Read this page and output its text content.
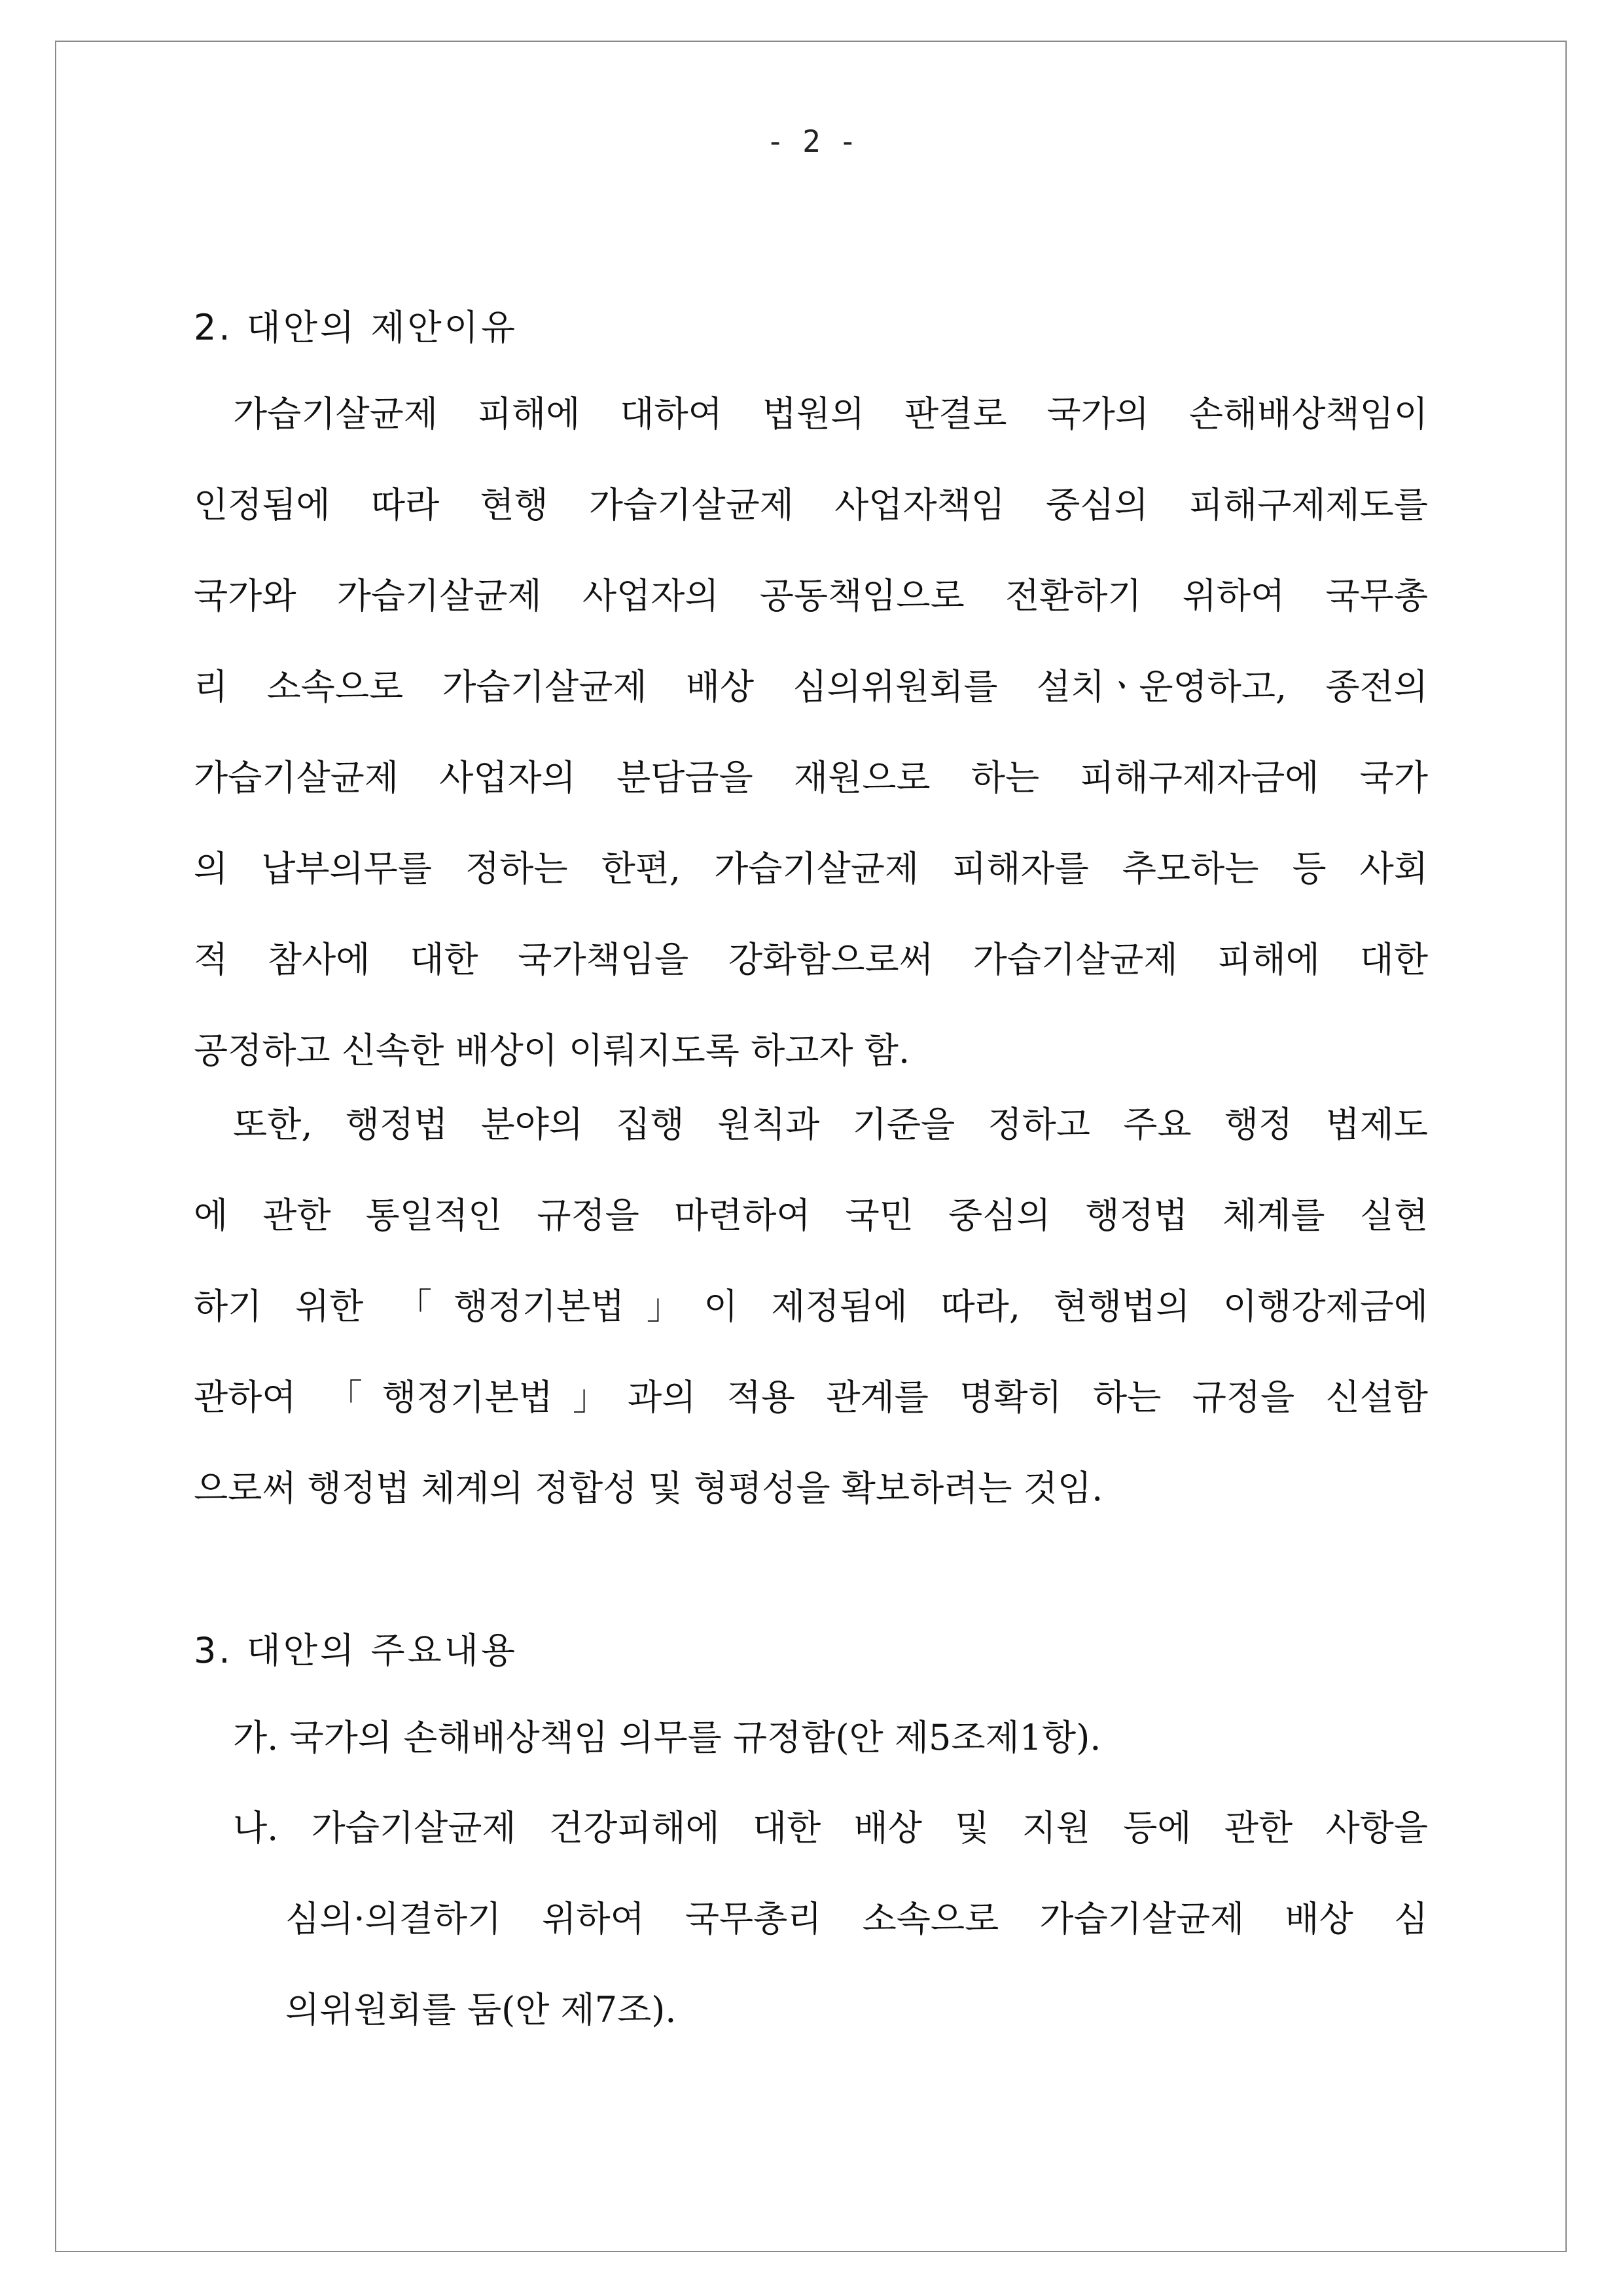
- 2 -
2. 대안의 제안이유

가습기살균제 피해에 대하여 법원의 판결로 국가의 손해배상책임이

인정됨에 따라 현행 가습기살균제 사업자책임 중심의 피해구제제도를

국가와 가습기살균제 사업자의 공동책임으로 전환하기 위하여 국무총

리 소속으로 가습기살균제 배상 심의위원회를 설치ㆍ운영하고, 종전의

가습기살균제 사업자의 분담금을 재원으로 하는 피해구제자금에 국가

의 납부의무를 정하는 한편, 가습기살균제 피해자를 추모하는 등 사회

적 참사에 대한 국가책임을 강화함으로써 가습기살균제 피해에 대한

공정하고 신속한 배상이 이뤄지도록 하고자 함.

또한, 행정법 분야의 집행 원칙과 기준을 정하고 주요 행정 법제도

에 관한 통일적인 규정을 마련하여 국민 중심의 행정법 체계를 실현

하기 위한 「행정기본법」이 제정됨에 따라, 현행법의 이행강제금에

관하여 「행정기본법」과의 적용 관계를 명확히 하는 규정을 신설함

으로써 행정법 체계의 정합성 및 형평성을 확보하려는 것임.

3. 대안의 주요내용

가. 국가의 손해배상책임 의무를 규정함(안 제5조제1항).

나. 가습기살균제 건강피해에 대한 배상 및 지원 등에 관한 사항을

심의·의결하기 위하여 국무총리 소속으로 가습기살균제 배상 심

의위원회를 둠(안 제7조).
